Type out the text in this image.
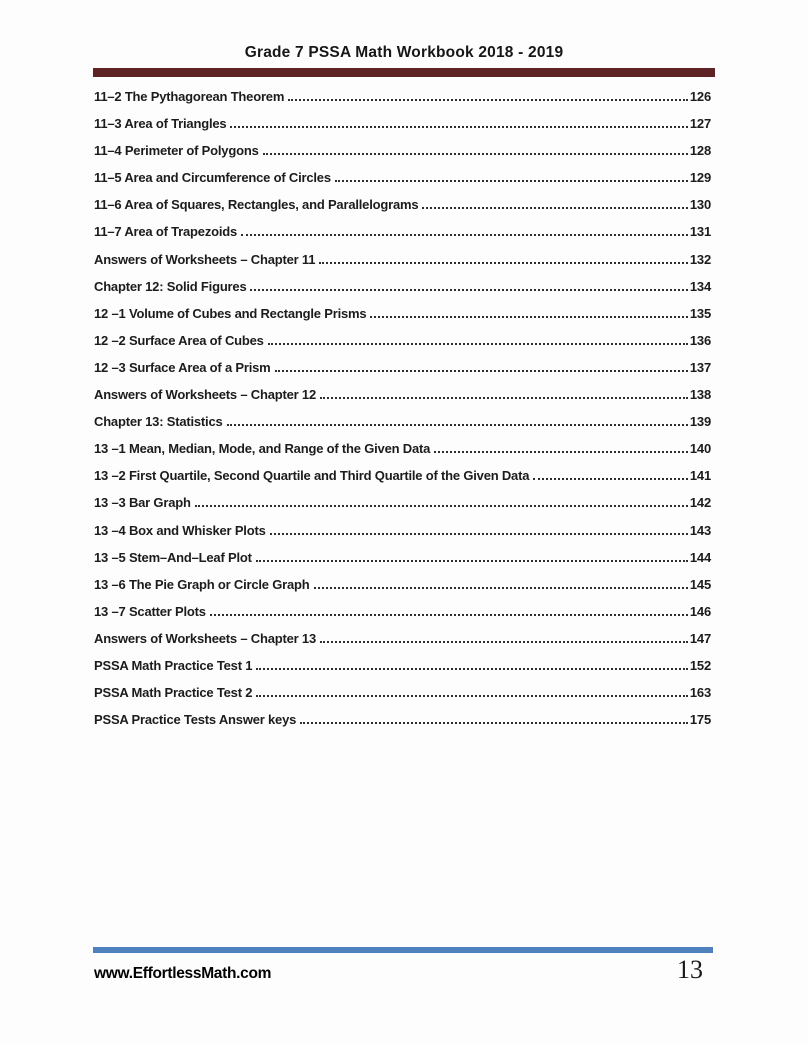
Grade 7 PSSA Math Workbook 2018 - 2019
11–2 The Pythagorean Theorem	126
11–3 Area of Triangles	127
11–4 Perimeter of Polygons	128
11–5 Area and Circumference of Circles	129
11–6 Area of Squares, Rectangles, and Parallelograms	130
11–7 Area of Trapezoids	131
Answers of Worksheets – Chapter 11	132
Chapter 12: Solid Figures	134
12 –1 Volume of Cubes and Rectangle Prisms	135
12 –2 Surface Area of Cubes	136
12 –3 Surface Area of a Prism	137
Answers of Worksheets – Chapter 12	138
Chapter 13: Statistics	139
13 –1 Mean, Median, Mode, and Range of the Given Data	140
13 –2 First Quartile, Second Quartile and Third Quartile of the Given Data	141
13 –3 Bar Graph	142
13 –4 Box and Whisker Plots	143
13 –5 Stem–And–Leaf Plot	144
13 –6 The Pie Graph or Circle Graph	145
13 –7 Scatter Plots	146
Answers of Worksheets – Chapter 13	147
PSSA Math Practice Test 1	152
PSSA Math Practice Test 2	163
PSSA Practice Tests Answer keys	175
www.EffortlessMath.com	13
